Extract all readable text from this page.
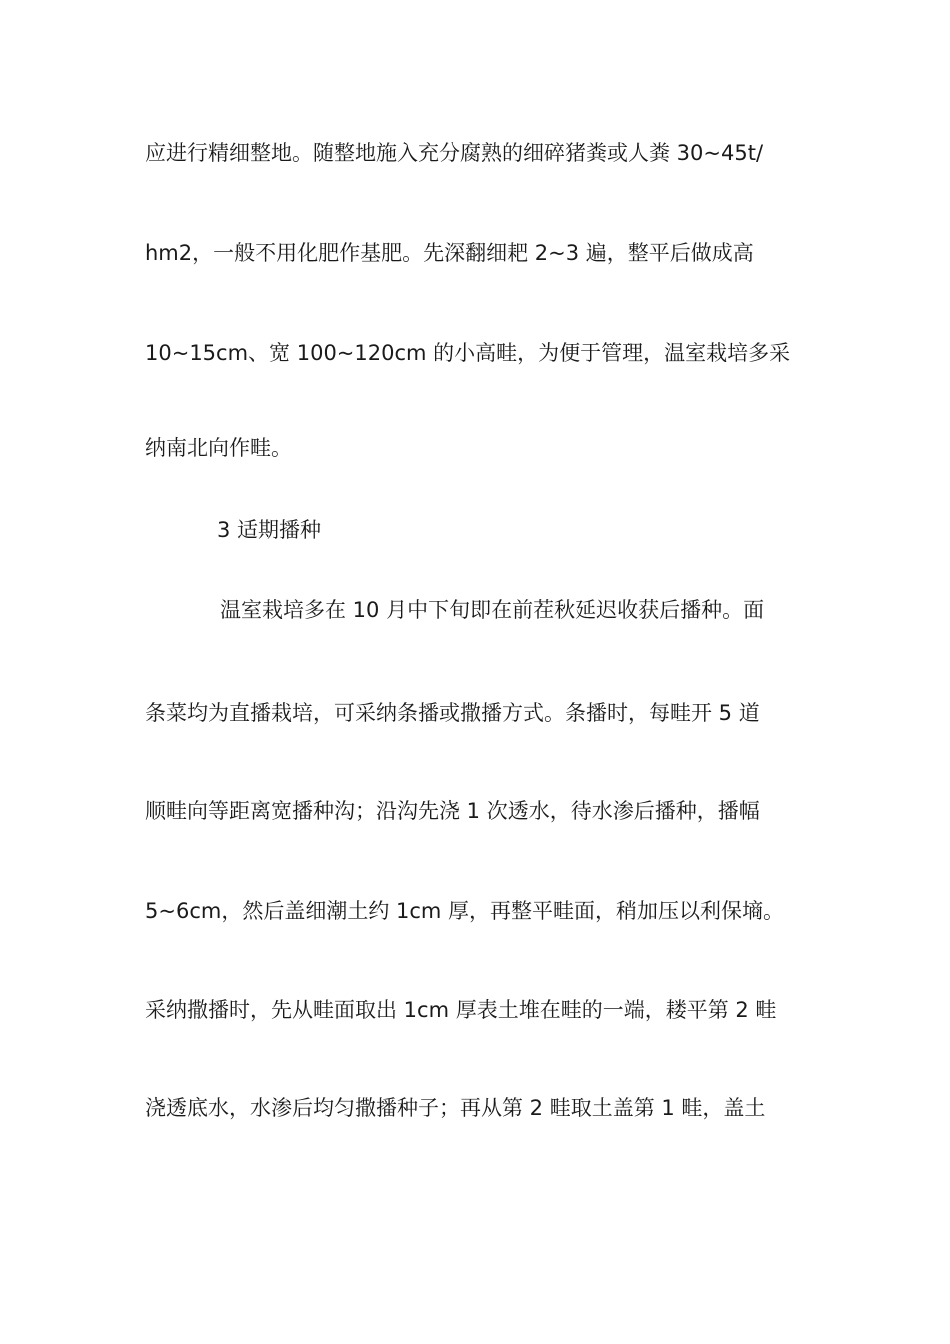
应进行精细整地。随整地施入充分腐熟的细碎猪粪或人粪 30~45t/
hm2，一般不用化肥作基肥。先深翻细耙 2~3 遍，整平后做成高
10~15cm、宽 100~120cm 的小高畦，为便于管理，温室栽培多采
纳南北向作畦。
3 适期播种
温室栽培多在 10 月中下旬即在前茬秋延迟收获后播种。面
条菜均为直播栽培，可采纳条播或撒播方式。条播时，每畦开 5 道
顺畦向等距离宽播种沟；沿沟先浇 1 次透水，待水渗后播种，播幅
5~6cm，然后盖细潮土约 1cm 厚，再整平畦面，稍加压以利保墒。
采纳撒播时，先从畦面取出 1cm 厚表土堆在畦的一端，耧平第 2 畦
浇透底水，水渗后均匀撒播种子；再从第 2 畦取土盖第 1 畦，盖土
